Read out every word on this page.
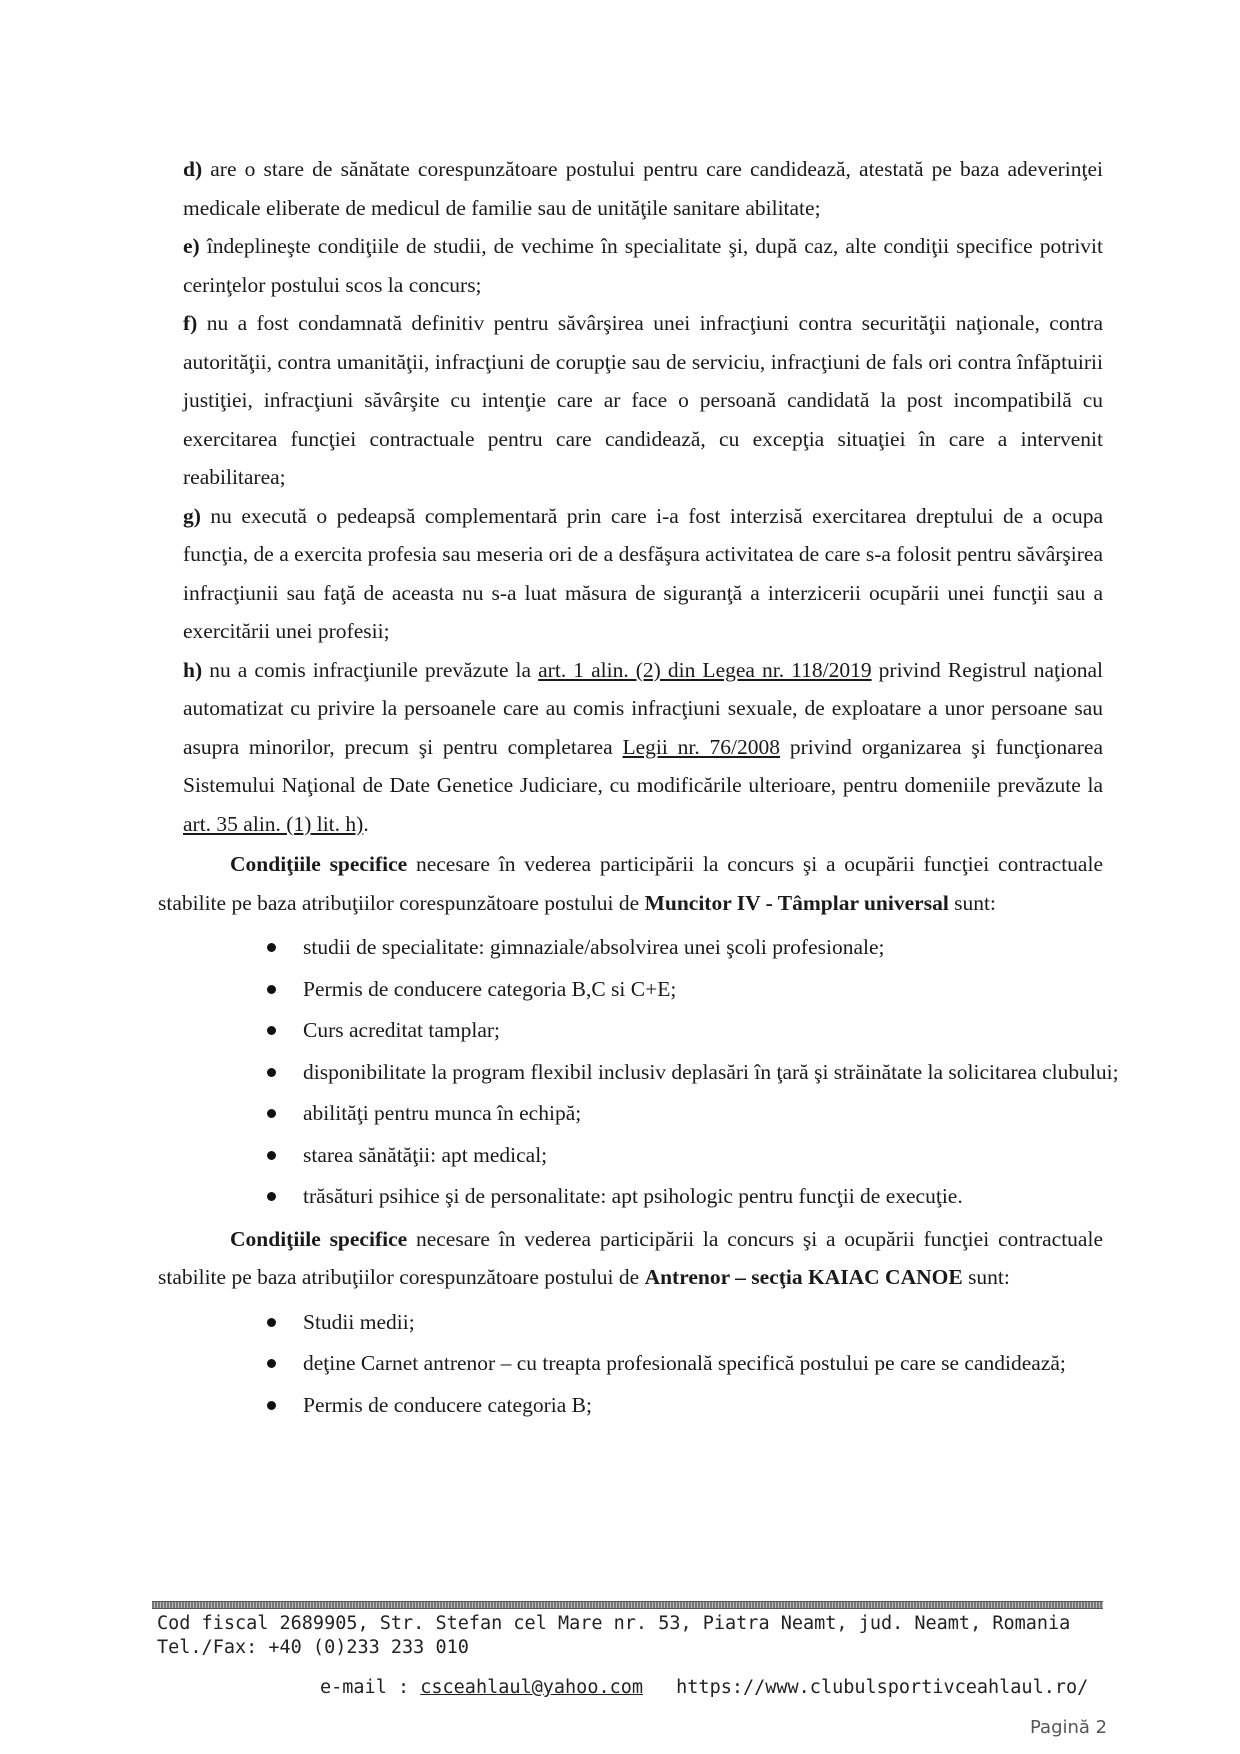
d) are o stare de sănătate corespunzătoare postului pentru care candidează, atestată pe baza adeverinţei medicale eliberate de medicul de familie sau de unităţile sanitare abilitate;

e) îndeplineşte condiţiile de studii, de vechime în specialitate şi, după caz, alte condiţii specifice potrivit cerinţelor postului scos la concurs;

f) nu a fost condamnată definitiv pentru săvârşirea unei infracţiuni contra securităţii naţionale, contra autorităţii, contra umanităţii, infracţiuni de corupţie sau de serviciu, infracţiuni de fals ori contra înfăptuirii justiţiei, infracţiuni săvârşite cu intenţie care ar face o persoană candidată la post incompatibilă cu exercitarea funcţiei contractuale pentru care candidează, cu excepţia situaţiei în care a intervenit reabilitarea;

g) nu execută o pedeapsă complementară prin care i-a fost interzisă exercitarea dreptului de a ocupa funcţia, de a exercita profesia sau meseria ori de a desfăşura activitatea de care s-a folosit pentru săvârşirea infracţiunii sau faţă de aceasta nu s-a luat măsura de siguranţă a interzicerii ocupării unei funcţii sau a exercitării unei profesii;

h) nu a comis infracţiunile prevăzute la art. 1 alin. (2) din Legea nr. 118/2019 privind Registrul naţional automatizat cu privire la persoanele care au comis infracţiuni sexuale, de exploatare a unor persoane sau asupra minorilor, precum şi pentru completarea Legii nr. 76/2008 privind organizarea şi funcţionarea Sistemului Naţional de Date Genetice Judiciare, cu modificările ulterioare, pentru domeniile prevăzute la art. 35 alin. (1) lit. h).

Condiţiile specifice necesare în vederea participării la concurs şi a ocupării funcţiei contractuale stabilite pe baza atribuţiilor corespunzătoare postului de Muncitor IV - Tâmplar universal sunt:

studii de specialitate: gimnaziale/absolvirea unei şcoli profesionale;
Permis de conducere categoria B,C si C+E;
Curs acreditat tamplar;
disponibilitate la program flexibil inclusiv deplasări în ţară şi străinătate la solicitarea clubului;
abilităţi pentru munca în echipă;
starea sănătăţii: apt medical;
trăsături psihice şi de personalitate: apt psihologic pentru funcţii de execuţie.

Condiţiile specifice necesare în vederea participării la concurs şi a ocupării funcţiei contractuale stabilite pe baza atribuţiilor corespunzătoare postului de Antrenor – secţia KAIAC CANOE sunt:

Studii medii;
deţine Carnet antrenor – cu treapta profesională specifică postului pe care se candidează;
Permis de conducere categoria B;
Cod fiscal 2689905, Str. Stefan cel Mare nr. 53, Piatra Neamt, jud. Neamt, Romania Tel./Fax: +40 (0)233 233 010
e-mail : csceahlaul@yahoo.com https://www.clubulsportivceahlaul.ro/
Pagină 2
